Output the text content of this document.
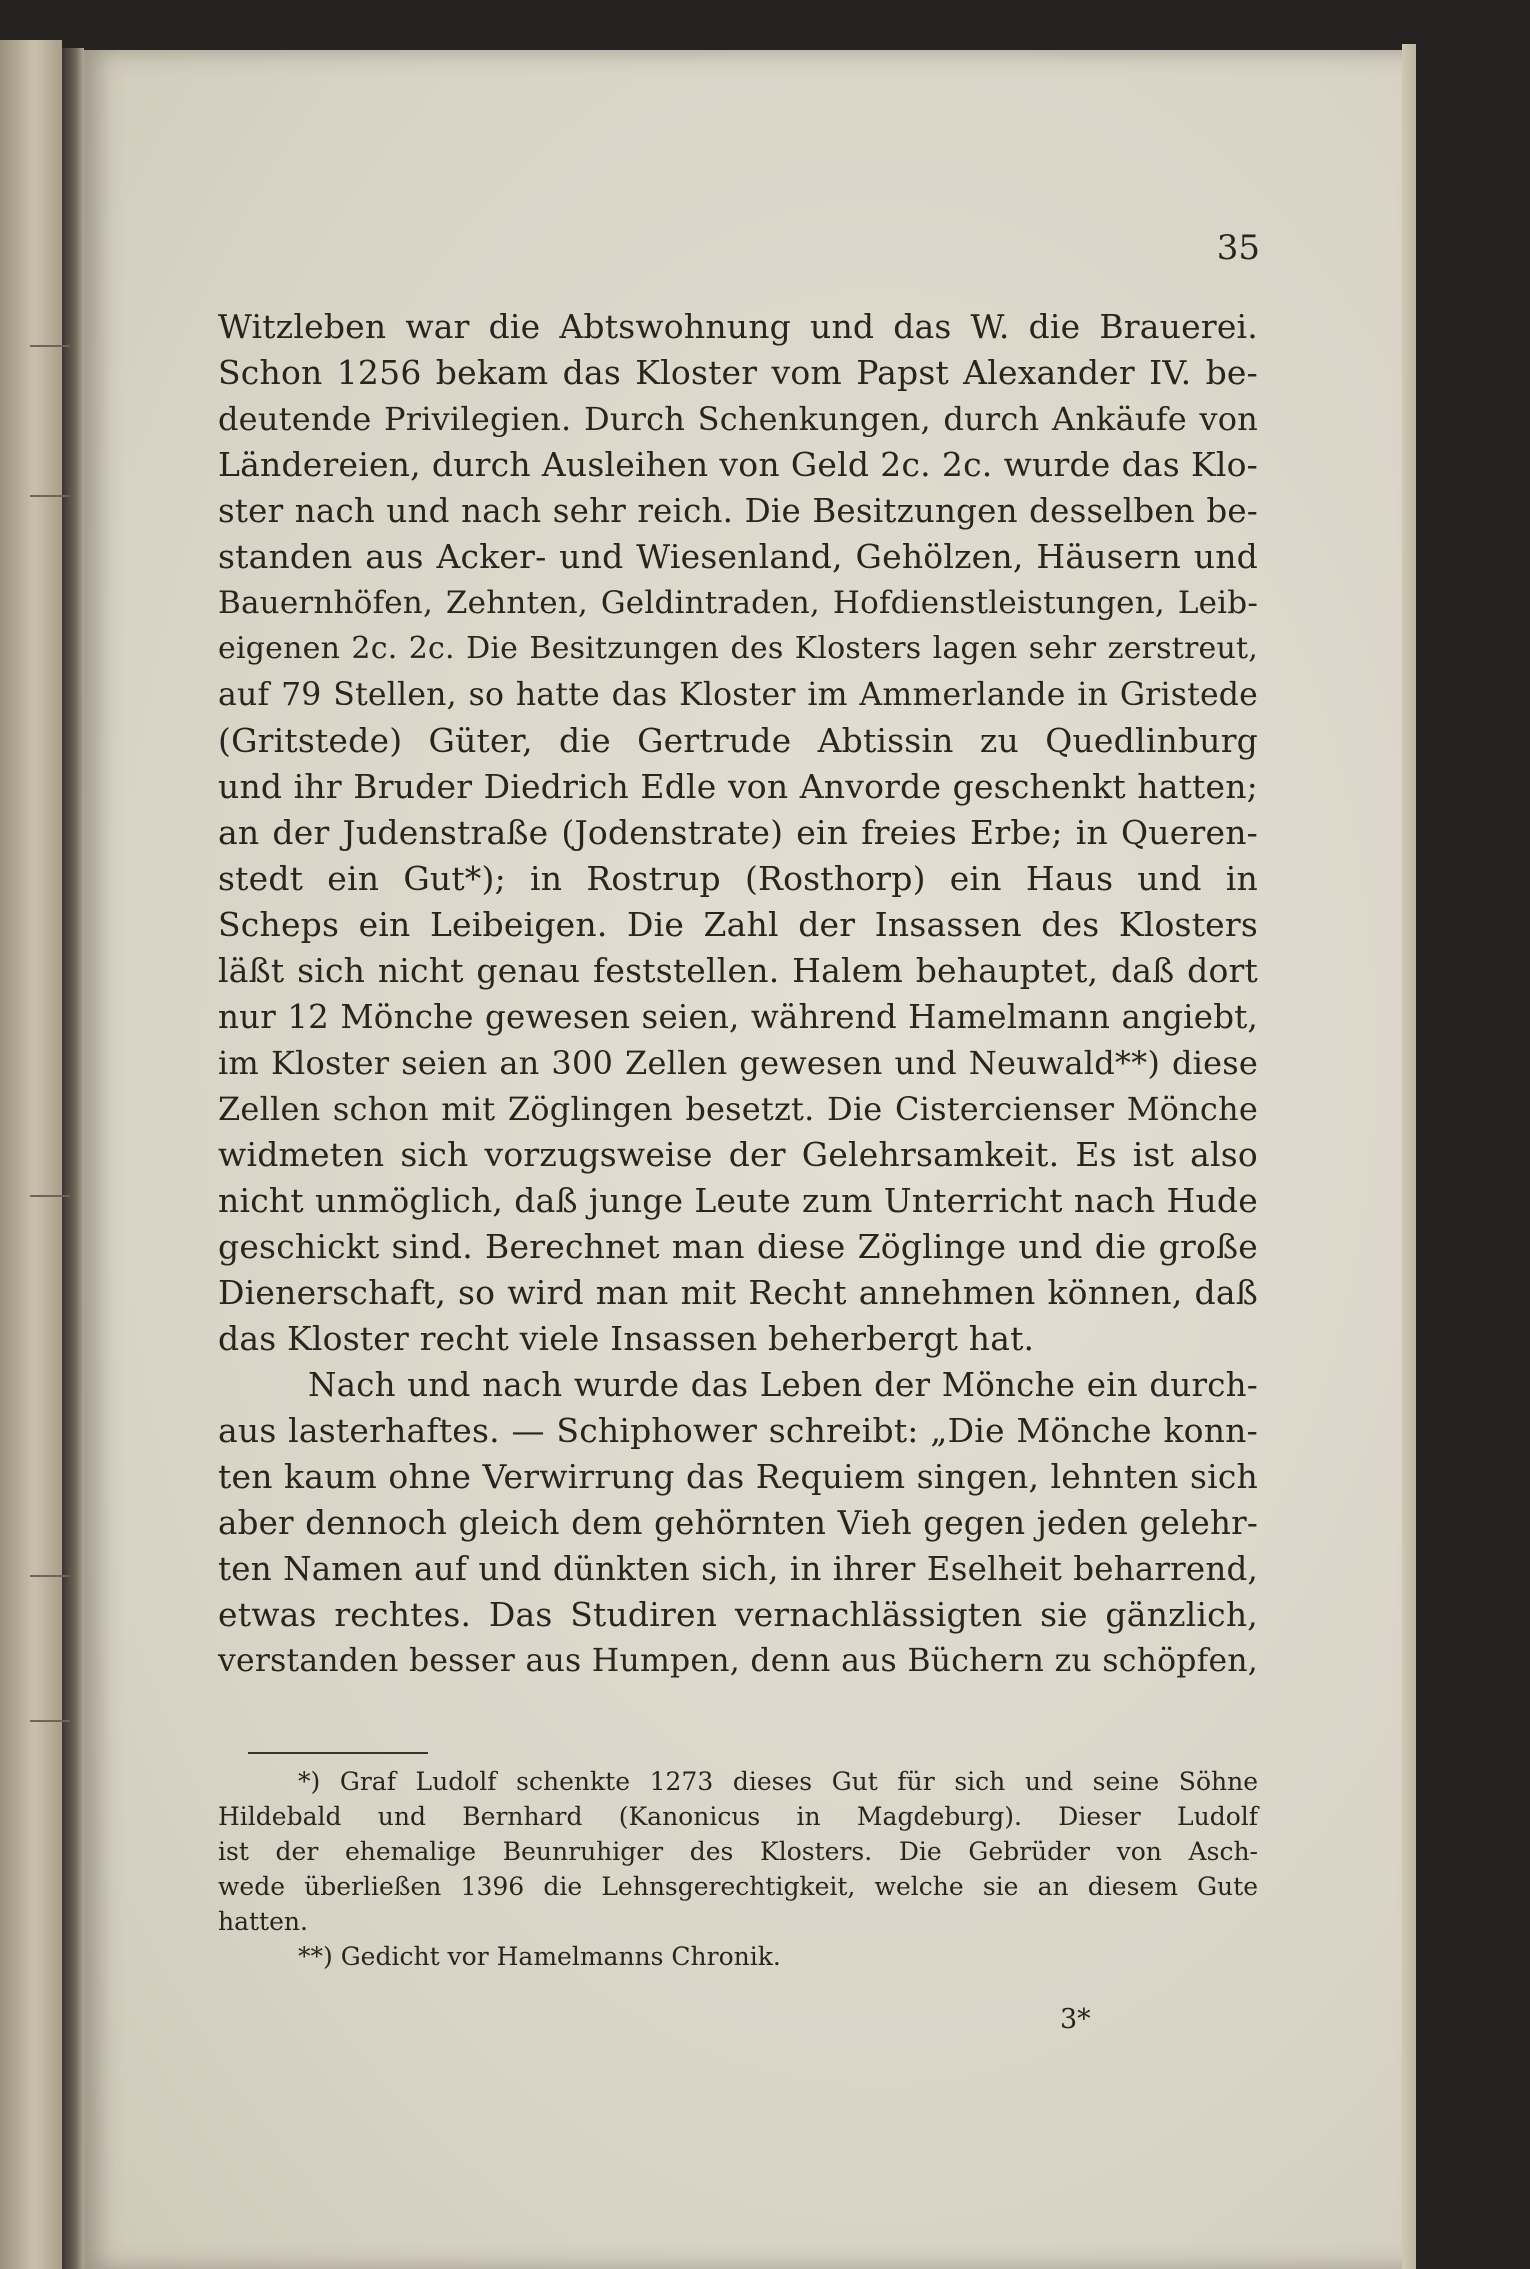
35

Witzleben war die Abtswohnung und das W. die Brauerei.
Schon 1256 bekam das Kloster vom Papst Alexander IV. be-
deutende Privilegien. Durch Schenkungen, durch Ankäufe von
Ländereien, durch Ausleihen von Geld 2c. 2c. wurde das Klo-
ster nach und nach sehr reich. Die Besitzungen desselben be-
standen aus Acker- und Wiesenland, Gehölzen, Häusern und
Bauernhöfen, Zehnten, Geldintraden, Hofdienstleistungen, Leib-
eigenen 2c. 2c. Die Besitzungen des Klosters lagen sehr zerstreut,
auf 79 Stellen, so hatte das Kloster im Ammerlande in Gristede
(Gritstede) Güter, die Gertrude Abtissin zu Quedlinburg
und ihr Bruder Diedrich Edle von Anvorde geschenkt hatten;
an der Judenstraße (Jodenstrate) ein freies Erbe; in Queren-
stedt ein Gut*); in Rostrup (Rosthorp) ein Haus und in
Scheps ein Leibeigen. Die Zahl der Insassen des Klosters
läßt sich nicht genau feststellen. Halem behauptet, daß dort
nur 12 Mönche gewesen seien, während Hamelmann angiebt,
im Kloster seien an 300 Zellen gewesen und Neuwald**) diese
Zellen schon mit Zöglingen besetzt. Die Cistercienser Mönche
widmeten sich vorzugsweise der Gelehrsamkeit. Es ist also
nicht unmöglich, daß junge Leute zum Unterricht nach Hude
geschickt sind. Berechnet man diese Zöglinge und die große
Dienerschaft, so wird man mit Recht annehmen können, daß
das Kloster recht viele Insassen beherbergt hat.
Nach und nach wurde das Leben der Mönche ein durch-
aus lasterhaftes. — Schiphower schreibt: „Die Mönche konn-
ten kaum ohne Verwirrung das Requiem singen, lehnten sich
aber dennoch gleich dem gehörnten Vieh gegen jeden gelehr-
ten Namen auf und dünkten sich, in ihrer Eselheit beharrend,
etwas rechtes. Das Studiren vernachlässigten sie gänzlich,
verstanden besser aus Humpen, denn aus Büchern zu schöpfen,
*) Graf Ludolf schenkte 1273 dieses Gut für sich und seine Söhne
Hildebald und Bernhard (Kanonicus in Magdeburg). Dieser Ludolf
ist der ehemalige Beunruhiger des Klosters. Die Gebrüder von Asch-
wede überließen 1396 die Lehnsgerechtigkeit, welche sie an diesem Gute
hatten.
**) Gedicht vor Hamelmanns Chronik.

3*
